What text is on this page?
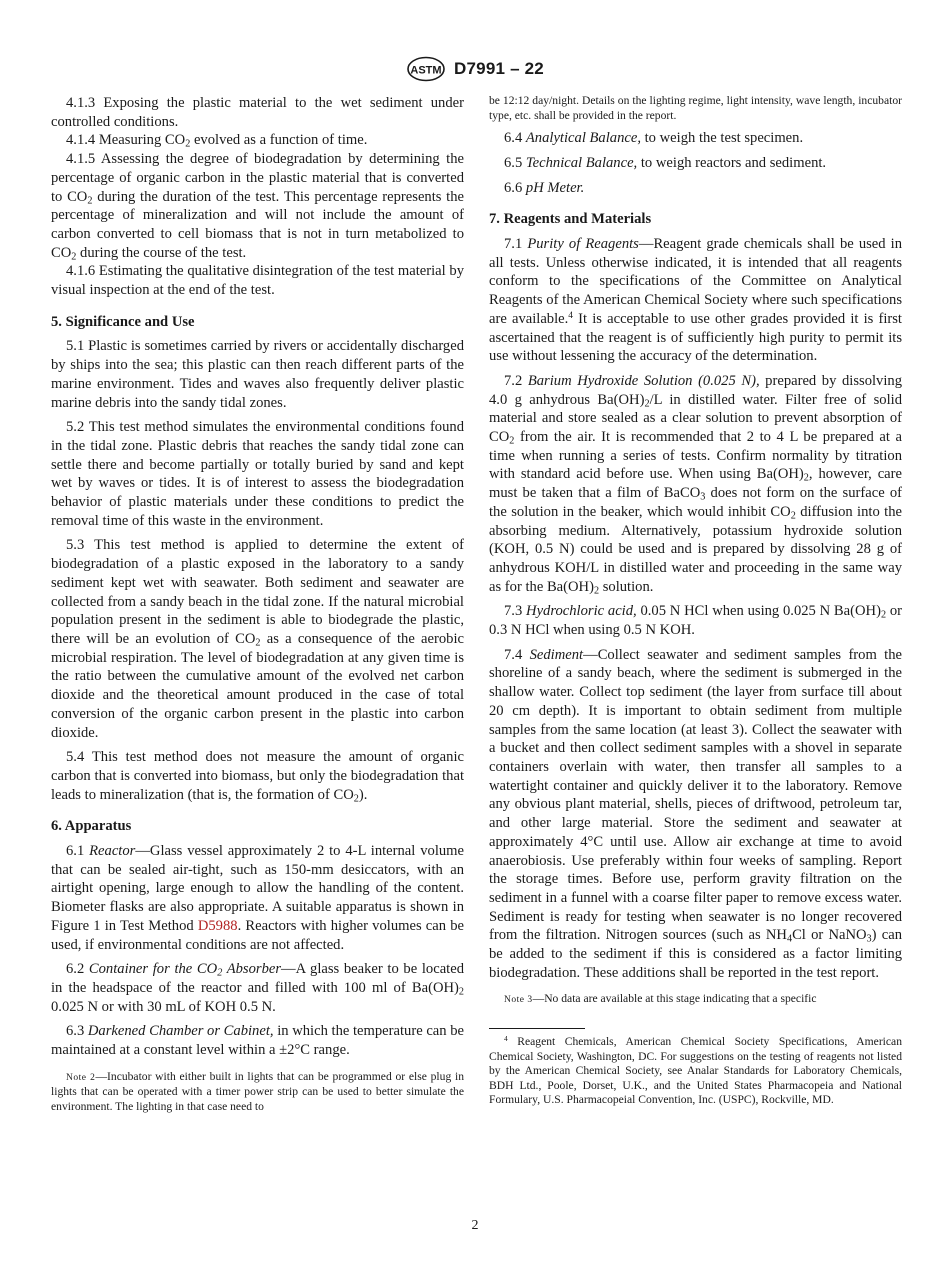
ASTM D7991 – 22

4.1.3 Exposing the plastic material to the wet sediment under controlled conditions.

4.1.4 Measuring $CO_2$ evolved as a function of time.

4.1.5 Assessing the degree of biodegradation by determining the percentage of organic carbon in the plastic material that is converted to $CO_2$ during the duration of the test. This percentage represents the percentage of mineralization and will not include the amount of carbon converted to cell biomass that is not in turn metabolized to $CO_2$ during the course of the test.

4.1.6 Estimating the qualitative disintegration of the test material by visual inspection at the end of the test.

5. Significance and Use

5.1 Plastic is sometimes carried by rivers or accidentally discharged by ships into the sea; this plastic can then reach different parts of the marine environment. Tides and waves also frequently deliver plastic marine debris into the sandy tidal zones.

5.2 This test method simulates the environmental conditions found in the tidal zone. Plastic debris that reaches the sandy tidal zone can settle there and become partially or totally buried by sand and kept wet by waves or tides. It is of interest to assess the biodegradation behavior of plastic materials under these conditions to predict the removal time of this waste in the environment.

5.3 This test method is applied to determine the extent of biodegradation of a plastic exposed in the laboratory to a sandy sediment kept wet with seawater. Both sediment and seawater are collected from a sandy beach in the tidal zone. If the natural microbial population present in the sediment is able to biodegrade the plastic, there will be an evolution of $CO_2$ as a consequence of the aerobic microbial respiration. The level of biodegradation at any given time is the ratio between the cumulative amount of the evolved net carbon dioxide and the theoretical amount produced in the case of total conversion of the organic carbon present in the plastic into carbon dioxide.

5.4 This test method does not measure the amount of organic carbon that is converted into biomass, but only the biodegradation that leads to mineralization (that is, the formation of $CO_2$).

6. Apparatus

6.1 Reactor—Glass vessel approximately 2 to 4-L internal volume that can be sealed air-tight, such as 150-mm desiccators, with an airtight opening, large enough to allow the handling of the content. Biometer flasks are also appropriate. A suitable apparatus is shown in Figure 1 in Test Method D5988. Reactors with higher volumes can be used, if environmental conditions are not affected.

6.2 Container for the $CO_2$ Absorber—A glass beaker to be located in the headspace of the reactor and filled with 100 ml of $Ba(OH)_2$ 0.025 N or with 30 mL of KOH 0.5 N.

6.3 Darkened Chamber or Cabinet, in which the temperature can be maintained at a constant level within a ±2°C range.

Note 2—Incubator with either built in lights that can be programmed or else plug in lights that can be operated with a timer power strip can be used to better simulate the environment. The lighting in that case need to

be 12:12 day/night. Details on the lighting regime, light intensity, wave length, incubator type, etc. shall be provided in the report.

6.4 Analytical Balance, to weigh the test specimen.

6.5 Technical Balance, to weigh reactors and sediment.

6.6 pH Meter.

7. Reagents and Materials

7.1 Purity of Reagents—Reagent grade chemicals shall be used in all tests. Unless otherwise indicated, it is intended that all reagents conform to the specifications of the Committee on Analytical Reagents of the American Chemical Society where such specifications are available.$^4$ It is acceptable to use other grades provided it is first ascertained that the reagent is of sufficiently high purity to permit its use without lessening the accuracy of the determination.

7.2 Barium Hydroxide Solution (0.025 N), prepared by dissolving 4.0 g anhydrous $Ba(OH)_2/L$ in distilled water. Filter free of solid material and store sealed as a clear solution to prevent absorption of $CO_2$ from the air. It is recommended that 2 to 4 L be prepared at a time when running a series of tests. Confirm normality by titration with standard acid before use. When using $Ba(OH)_2$, however, care must be taken that a film of BaCO$_3$ does not form on the surface of the solution in the beaker, which would inhibit $CO_2$ diffusion into the absorbing medium. Alternatively, potassium hydroxide solution (KOH, 0.5 N) could be used and is prepared by dissolving 28 g of anhydrous KOH/L in distilled water and proceeding in the same way as for the $Ba(OH)_2$ solution.

7.3 Hydrochloric acid, 0.05 N HCl when using 0.025 N $Ba(OH)_2$ or 0.3 N HCl when using 0.5 N KOH.

7.4 Sediment—Collect seawater and sediment samples from the shoreline of a sandy beach, where the sediment is submerged in the shallow water. Collect top sediment (the layer from surface till about 20 cm depth). It is important to obtain sediment from multiple samples from the same location (at least 3). Collect the seawater with a bucket and then collect sediment samples with a shovel in separate containers overlain with water, then transfer all samples to a watertight container and quickly deliver it to the laboratory. Remove any obvious plant material, shells, pieces of driftwood, petroleum tar, and other large material. Store the sediment and seawater at approximately 4°C until use. Allow air exchange at time to avoid anaerobiosis. Use preferably within four weeks of sampling. Report the storage times. Before use, perform gravity filtration on the sediment in a funnel with a coarse filter paper to remove excess water. Sediment is ready for testing when seawater is no longer recovered from the filtration. Nitrogen sources (such as $NH_4Cl$ or NaNO$_3$) can be added to the sediment if this is considered as a factor limiting biodegradation. These additions shall be reported in the test report.

Note 3—No data are available at this stage indicating that a specific

$^4$ Reagent Chemicals, American Chemical Society Specifications, American Chemical Society, Washington, DC. For suggestions on the testing of reagents not listed by the American Chemical Society, see Analar Standards for Laboratory Chemicals, BDH Ltd., Poole, Dorset, U.K., and the United States Pharmacopeia and National Formulary, U.S. Pharmacopeial Convention, Inc. (USPC), Rockville, MD.

2
